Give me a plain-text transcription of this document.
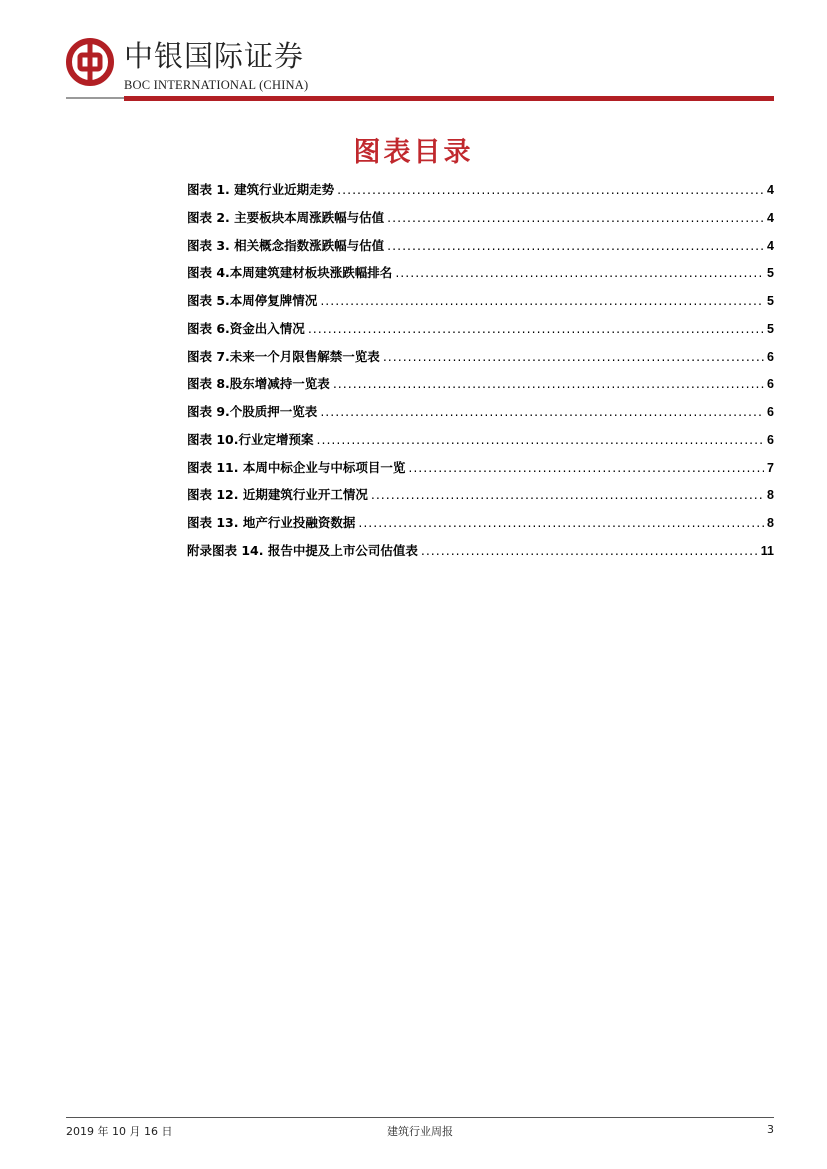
中银国际证券
BOC INTERNATIONAL (CHINA)
图表目录
图表 1. 建筑行业近期走势 .....	4
图表 2. 主要板块本周涨跌幅与估值 .....	4
图表 3. 相关概念指数涨跌幅与估值 .....	4
图表 4.本周建筑建材板块涨跌幅排名 .....	5
图表 5.本周停复牌情况 .....	5
图表 6.资金出入情况 .....	5
图表 7.未来一个月限售解禁一览表 .....	6
图表 8.股东增减持一览表 .....	6
图表 9.个股质押一览表 .....	6
图表 10.行业定增预案 .....	6
图表 11. 本周中标企业与中标项目一览 .....	7
图表 12. 近期建筑行业开工情况 .....	8
图表 13. 地产行业投融资数据 .....	8
附录图表 14. 报告中提及上市公司估值表 .....	11
2019 年 10 月 16 日	建筑行业周报	3
